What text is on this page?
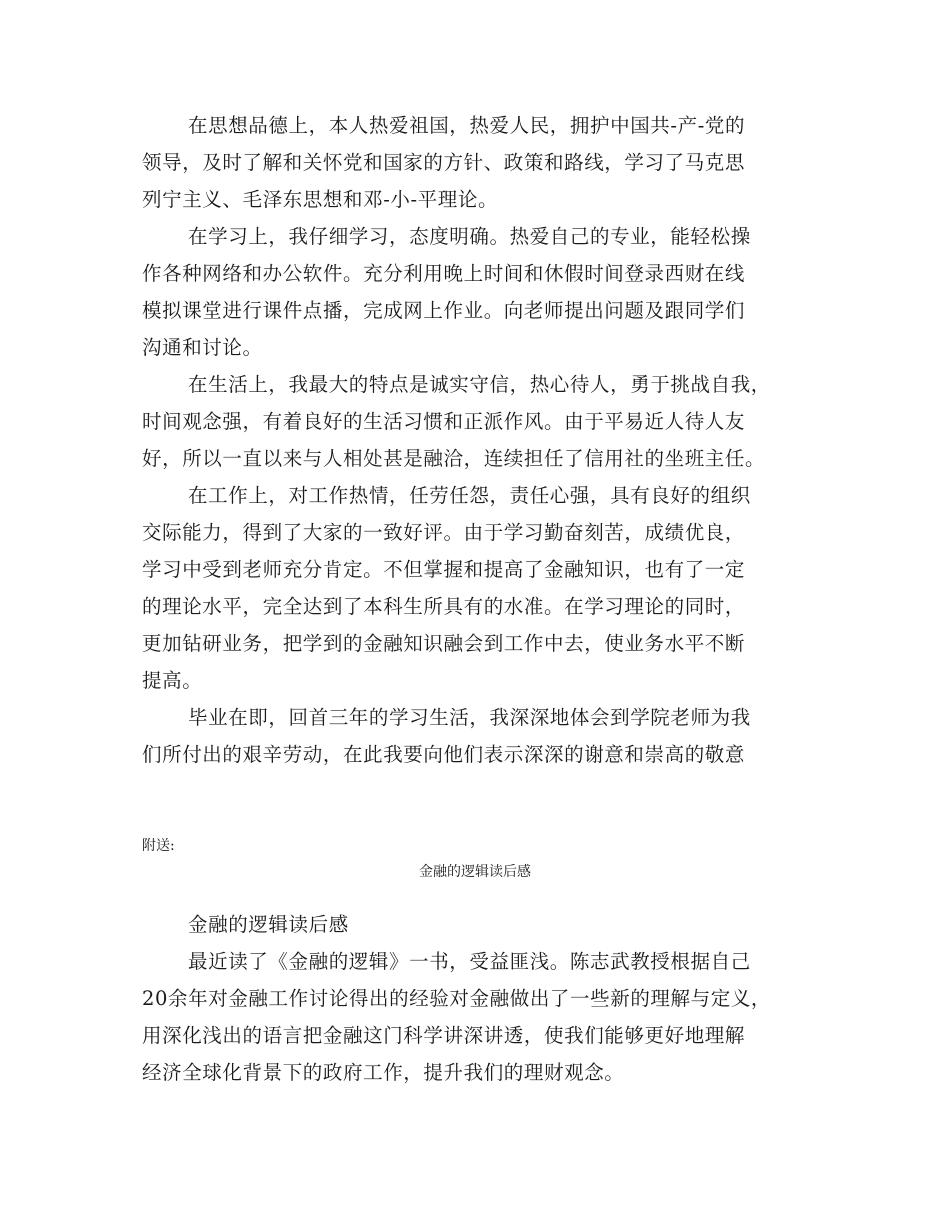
在思想品德上，本人热爱祖国，热爱人民，拥护中国共-产-党的
领导，及时了解和关怀党和国家的方针、政策和路线，学习了马克思
列宁主义、毛泽东思想和邓-小-平理论。
在学习上，我仔细学习，态度明确。热爱自己的专业，能轻松操
作各种网络和办公软件。充分利用晚上时间和休假时间登录西财在线
模拟课堂进行课件点播，完成网上作业。向老师提出问题及跟同学们
沟通和讨论。
在生活上，我最大的特点是诚实守信，热心待人，勇于挑战自我，
时间观念强，有着良好的生活习惯和正派作风。由于平易近人待人友
好，所以一直以来与人相处甚是融洽，连续担任了信用社的坐班主任。
在工作上，对工作热情，任劳任怨，责任心强，具有良好的组织
交际能力，得到了大家的一致好评。由于学习勤奋刻苦，成绩优良，
学习中受到老师充分肯定。不但掌握和提高了金融知识，也有了一定
的理论水平，完全达到了本科生所具有的水准。在学习理论的同时，
更加钻研业务，把学到的金融知识融会到工作中去，使业务水平不断
提高。
毕业在即，回首三年的学习生活，我深深地体会到学院老师为我
们所付出的艰辛劳动，在此我要向他们表示深深的谢意和崇高的敬意
附送:
金融的逻辑读后感
金融的逻辑读后感
最近读了《金融的逻辑》一书，受益匪浅。陈志武教授根据自己
20余年对金融工作讨论得出的经验对金融做出了一些新的理解与定义，
用深化浅出的语言把金融这门科学讲深讲透，使我们能够更好地理解
经济全球化背景下的政府工作，提升我们的理财观念。
